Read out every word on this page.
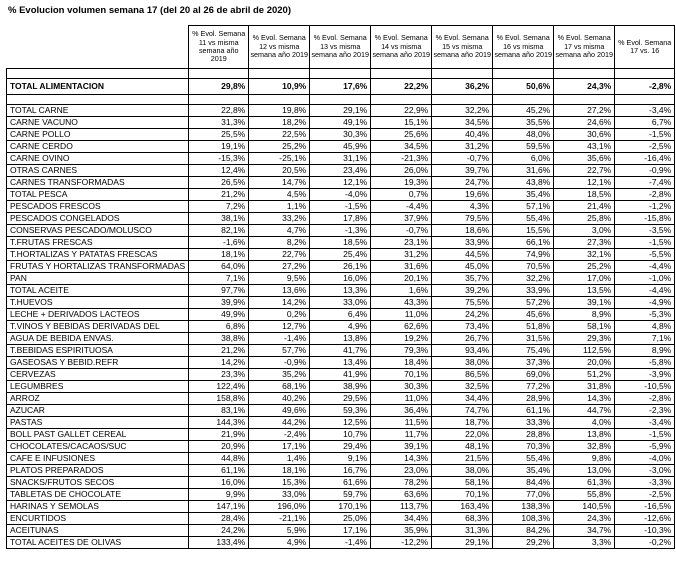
% Evolucion volumen semana 17 (del 20 al 26 de abril de 2020)
	% Evol. Semana 11 vs misma semana año 2019	% Evol. Semana 12 vs misma semana año 2019	% Evol. Semana 13 vs misma semana año 2019	% Evol. Semana 14 vs misma semana año 2019	% Evol. Semana 15 vs misma semana año 2019	% Evol. Semana 16 vs misma semana año 2019	% Evol. Semana 17 vs misma semana año 2019	% Evol. Semana 17 vs. 16

TOTAL ALIMENTACION	29,8%	10,9%	17,6%	22,2%	36,2%	50,6%	24,3%	-2,8%

TOTAL CARNE	22,8%	19,8%	29,1%	22,9%	32,2%	45,2%	27,2%	-3,4%
CARNE VACUNO	31,3%	18,2%	49,1%	15,1%	34,5%	35,5%	24,6%	6,7%
CARNE POLLO	25,5%	22,5%	30,3%	25,6%	40,4%	48,0%	30,6%	-1,5%
CARNE CERDO	19,1%	25,2%	45,9%	34,5%	31,2%	59,5%	43,1%	-2,5%
CARNE OVINO	-15,3%	-25,1%	31,1%	-21,3%	-0,7%	6,0%	35,6%	-16,4%
OTRAS CARNES	12,4%	20,5%	23,4%	26,0%	39,7%	31,6%	22,7%	-0,9%
CARNES TRANSFORMADAS	26,5%	14,7%	12,1%	19,3%	24,7%	43,8%	12,1%	-7,4%
TOTAL PESCA	21,2%	4,5%	-4,0%	0,7%	19,6%	35,4%	18,5%	-2,8%
PESCADOS FRESCOS	7,2%	1,1%	-1,5%	-4,4%	4,3%	57,1%	21,4%	-1,2%
PESCADOS CONGELADOS	38,1%	33,2%	17,8%	37,9%	79,5%	55,4%	25,8%	-15,8%
CONSERVAS PESCADO/MOLUSCO	82,1%	4,7%	-1,3%	-0,7%	18,6%	15,5%	3,0%	-3,5%
T.FRUTAS FRESCAS	-1,6%	8,2%	18,5%	23,1%	33,9%	66,1%	27,3%	-1,5%
T.HORTALIZAS Y PATATAS FRESCAS	18,1%	22,7%	25,4%	31,2%	44,5%	74,9%	32,1%	-5,5%
FRUTAS Y HORTALIZAS TRANSFORMADAS	64,0%	27,2%	26,1%	31,6%	45,0%	70,5%	25,2%	-4,4%
PAN	7,1%	9,5%	16,0%	20,1%	35,7%	32,2%	17,0%	-1,0%
TOTAL ACEITE	97,7%	13,6%	13,3%	1,6%	39,2%	33,9%	13,5%	-4,4%
T.HUEVOS	39,9%	14,2%	33,0%	43,3%	75,5%	57,2%	39,1%	-4,9%
LECHE + DERIVADOS LACTEOS	49,9%	0,2%	6,4%	11,0%	24,2%	45,6%	8,9%	-5,3%
T.VINOS Y BEBIDAS DERIVADAS DEL	6,8%	12,7%	4,9%	62,6%	73,4%	51,8%	58,1%	4,8%
AGUA DE BEBIDA ENVAS.	38,8%	-1,4%	13,8%	19,2%	26,7%	31,5%	29,3%	7,1%
T.BEBIDAS ESPIRITUOSA	21,2%	57,7%	41,7%	79,3%	93,4%	75,4%	112,5%	8,9%
GASEOSAS Y BEBID.REFR	14,2%	-0,9%	13,4%	18,4%	38,0%	37,3%	20,0%	-5,8%
CERVEZAS	23,3%	35,2%	41,9%	70,1%	86,5%	69,0%	51,2%	-3,9%
LEGUMBRES	122,4%	68,1%	38,9%	30,3%	32,5%	77,2%	31,8%	-10,5%
ARROZ	158,8%	40,2%	29,5%	11,0%	34,4%	28,9%	14,3%	-2,8%
AZUCAR	83,1%	49,6%	59,3%	36,4%	74,7%	61,1%	44,7%	-2,3%
PASTAS	144,3%	44,2%	12,5%	11,5%	18,7%	33,3%	4,0%	-3,4%
BOLL PAST GALLET CEREAL	21,9%	-2,4%	10,7%	11,7%	22,0%	28,8%	13,8%	-1,5%
CHOCOLATES/CACAOS/SUC	20,9%	17,1%	29,4%	39,1%	48,1%	70,3%	32,8%	-5,9%
CAFE E INFUSIONES	44,8%	1,4%	9,1%	14,3%	21,5%	55,4%	9,8%	-4,0%
PLATOS PREPARADOS	61,1%	18,1%	16,7%	23,0%	38,0%	35,4%	13,0%	-3,0%
SNACKS/FRUTOS SECOS	16,0%	15,3%	61,6%	78,2%	58,1%	84,4%	61,3%	-3,3%
TABLETAS DE CHOCOLATE	9,9%	33,0%	59,7%	63,6%	70,1%	77,0%	55,8%	-2,5%
HARINAS Y SEMOLAS	147,1%	196,0%	170,1%	113,7%	163,4%	138,3%	140,5%	-16,5%
ENCURTIDOS	28,4%	-21,1%	25,0%	34,4%	68,3%	108,3%	24,3%	-12,6%
ACEITUNAS	24,2%	5,9%	17,1%	35,9%	31,3%	84,2%	34,7%	-10,3%
TOTAL ACEITES DE OLIVAS	133,4%	4,9%	-1,4%	-12,2%	29,1%	29,2%	3,3%	-0,2%
